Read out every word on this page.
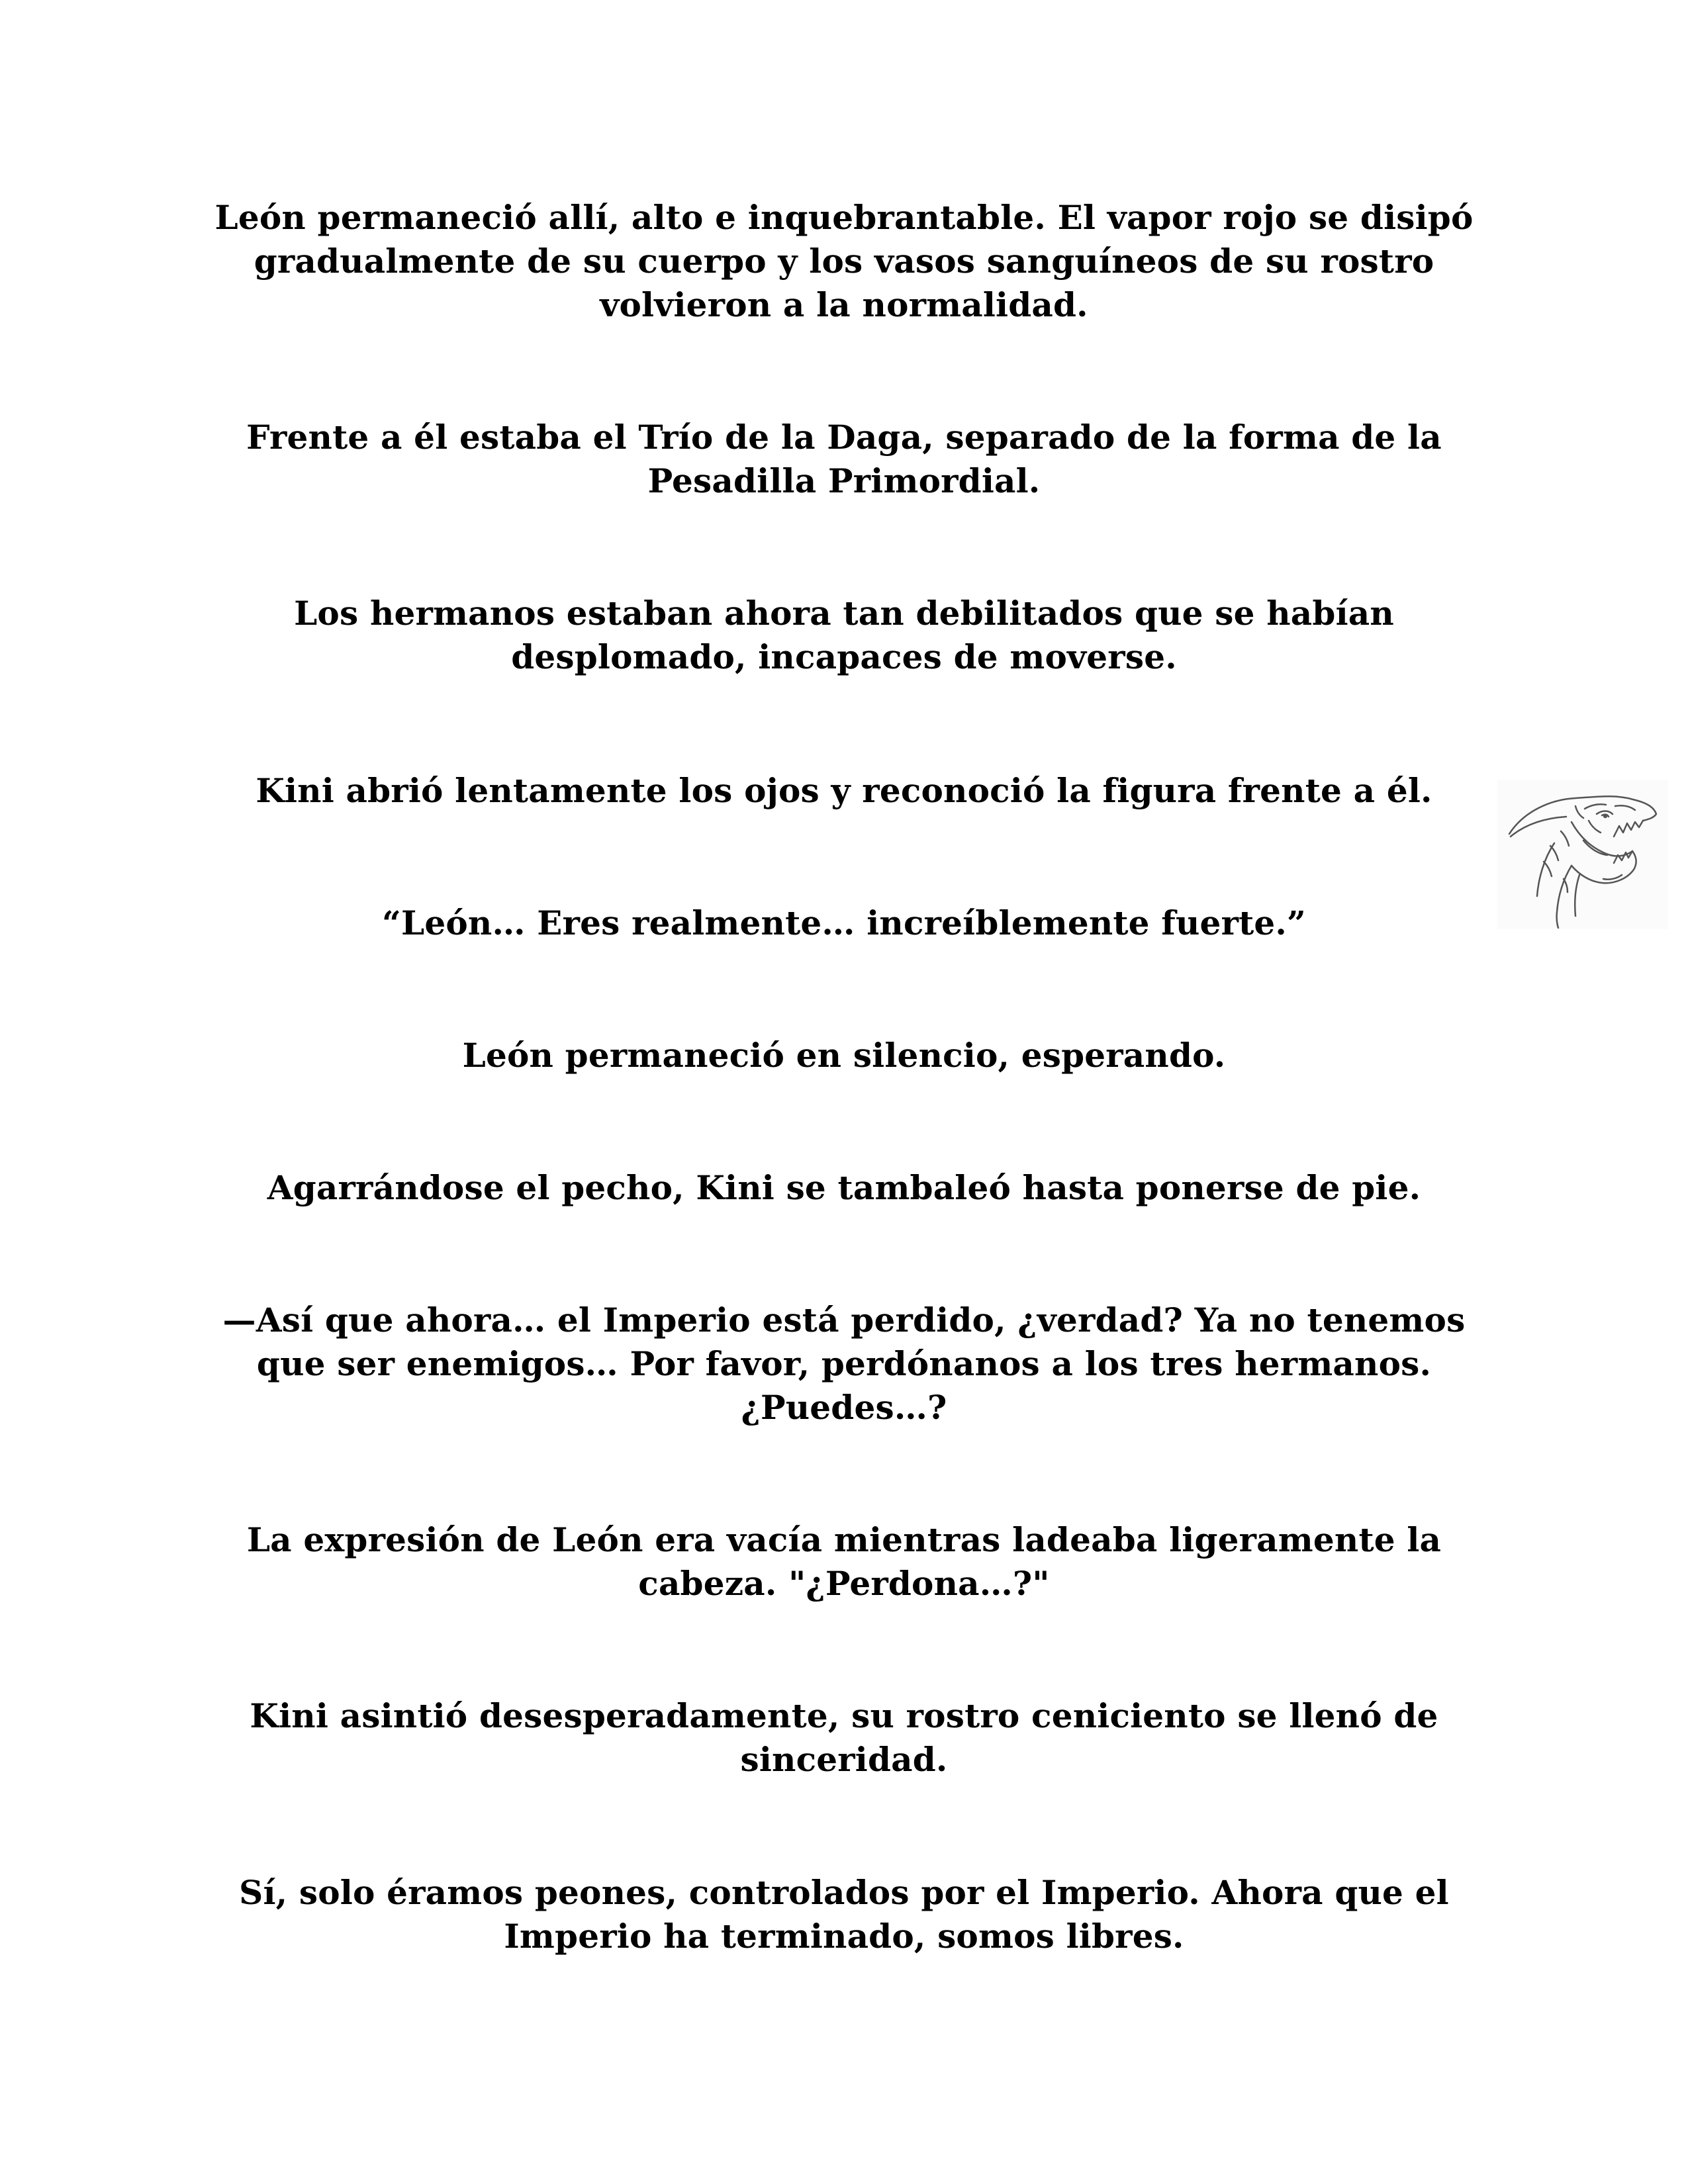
León permaneció allí, alto e inquebrantable. El vapor rojo se disipó gradualmente de su cuerpo y los vasos sanguíneos de su rostro volvieron a la normalidad.

Frente a él estaba el Trío de la Daga, separado de la forma de la Pesadilla Primordial.

Los hermanos estaban ahora tan debilitados que se habían desplomado, incapaces de moverse.

Kini abrió lentamente los ojos y reconoció la figura frente a él.

“León… Eres realmente… increíblemente fuerte.”

León permaneció en silencio, esperando.

Agarrándose el pecho, Kini se tambaleó hasta ponerse de pie.

—Así que ahora… el Imperio está perdido, ¿verdad? Ya no tenemos que ser enemigos… Por favor, perdónanos a los tres hermanos. ¿Puedes…?

La expresión de León era vacía mientras ladeaba ligeramente la cabeza. "¿Perdona…?"

Kini asintió desesperadamente, su rostro ceniciento se llenó de sinceridad.

Sí, solo éramos peones, controlados por el Imperio. Ahora que el Imperio ha terminado, somos libres.
